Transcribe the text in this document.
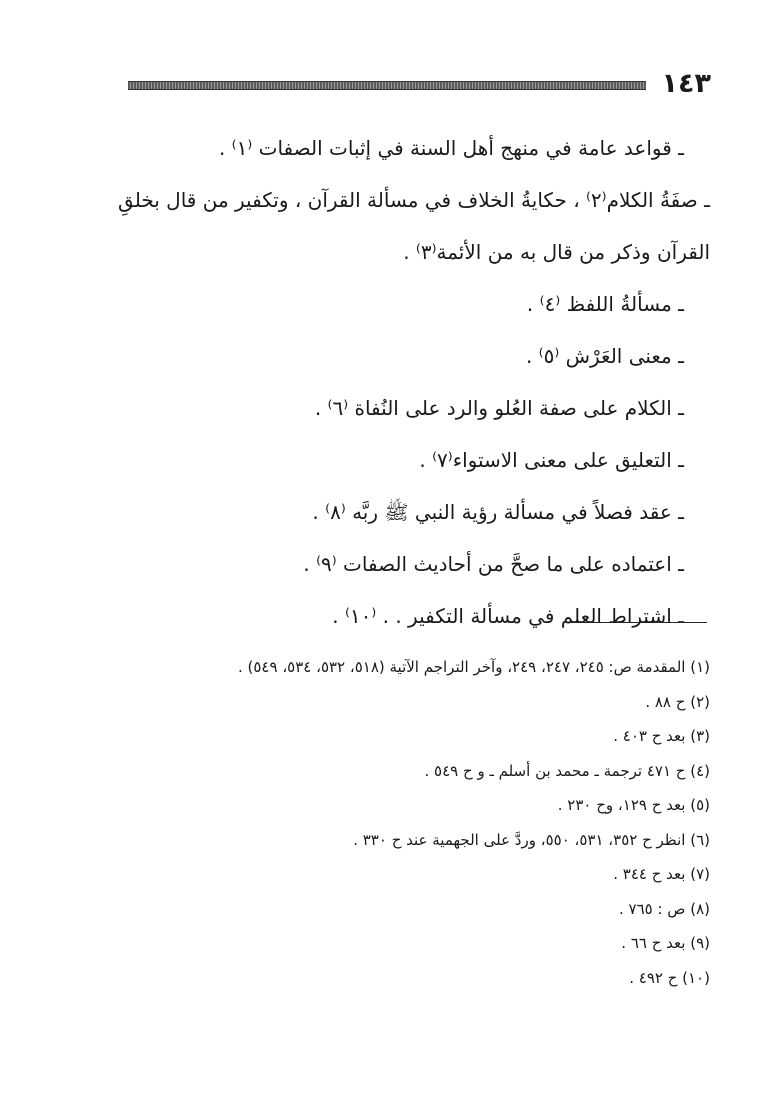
١٤٣
ـ قواعد عامة في منهج أهل السنة في إثبات الصفات ⁽١⁾ .
ـ صفَةُ الكلام⁽٢⁾ ، حكايةُ الخلاف في مسألة القرآن ، وتكفير من قال بخلقِ
القرآن وذكر من قال به من الأئمة⁽٣⁾ .
ـ مسألةُ اللفظ ⁽٤⁾ .
ـ معنى العَرْش ⁽٥⁾ .
ـ الكلام على صفة العُلو والرد على النُفاة ⁽٦⁾ .
ـ التعليق على معنى الاستواء⁽٧⁾ .
ـ عقد فصلاً في مسألة رؤية النبي ﷺ ربَّه ⁽٨⁾ .
ـ اعتماده على ما صحَّ من أحاديث الصفات ⁽٩⁾ .
ـ اشتراط العلم في مسألة التكفير . . ⁽١٠⁾ .
(١) المقدمة ص: ٢٤٥، ٢٤٧، ٢٤٩، وآخر التراجم الآتية (٥١٨، ٥٣٢، ٥٣٤، ٥٤٩) .
(٢) ح ٨٨ .
(٣) بعد ح ٤٠٣ .
(٤) ح ٤٧١ ترجمة ـ محمد بن أسلم ـ و ح ٥٤٩ .
(٥) بعد ح ١٢٩، وح ٢٣٠ .
(٦) انظر ح ٣٥٢، ٥٣١، ٥٥٠، وردَّ على الجهمية عند ح ٣٣٠ .
(٧) بعد ح ٣٤٤ .
(٨) ص : ٧٦٥ .
(٩) بعد ح ٦٦ .
(١٠) ح ٤٩٢ .
